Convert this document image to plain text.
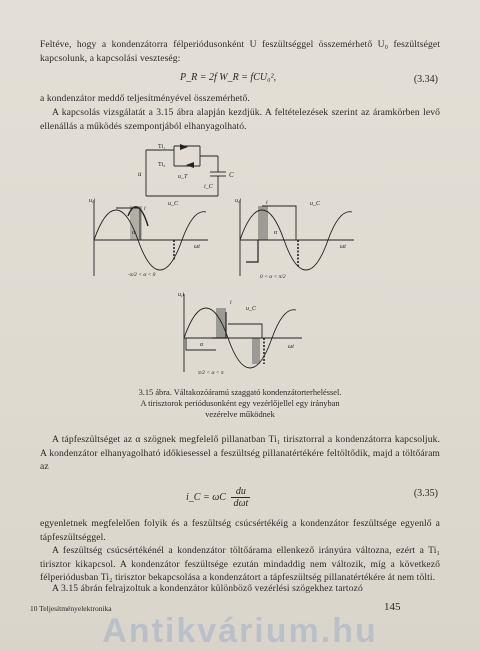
Feltéve, hogy a kondenzátorra félperiódusonként U feszültséggel összemérhető U₀ feszültséget kapcsolunk, a kapcsolási veszteség:

P_R = 2f W_R = fCU₀²,	(3.34)

a kondenzátor meddő teljesítményével összemérhető.

A kapcsolás vizsgálatát a 3.15 ábra alapján kezdjük. A feltételezések szerint az áramkörben levő ellenállás a működés szempontjából elhanyagolható.

Ti₁
Ti₂
u	u_T	C
i_C
u,i	u_C
i
ωt
α
-π/2 < α < 0
u,i	u_C
i
ωt
α
0 < α < π/2
u,i
u_C
i
ωt
α
π/2 < α < π
3.15 ábra. Váltakozóáramú szaggató kondenzátorterheléssel.
A tirisztorok periódusonként egy vezérlőjellel egy irányban
vezérelve működnek

A tápfeszültséget az α szögnek megfelelő pillanatban Ti₁ tirisztorral a kondenzátorra kapcsoljuk. A kondenzátor elhanyagolható időkiesessel a feszültség pillanatértékére feltöltődik, majd a töltőáram az

i_C = ωC
du
dωt
(3.35)

egyenletnek megfelelően folyik és a feszültség csúcsértékéig a kondenzátor feszültsége egyenlő a tápfeszültséggel.

A feszültség csúcsértékénél a kondenzátor töltőárama ellenkező irányúra változna, ezért a Ti₁ tirisztor kikapcsol. A kondenzátor feszültsége ezután mindaddig nem változik, míg a következő félperiódusban Ti₂ tirisztor bekapcsolása a kondenzátort a tápfeszültség pillanatértékére át nem tölti.

A 3.15 ábrán felrajzoltuk a kondenzátor különböző vezérlési szögekhez tartozó

10 Teljesítményelektronika	145
Antikvárium.hu
